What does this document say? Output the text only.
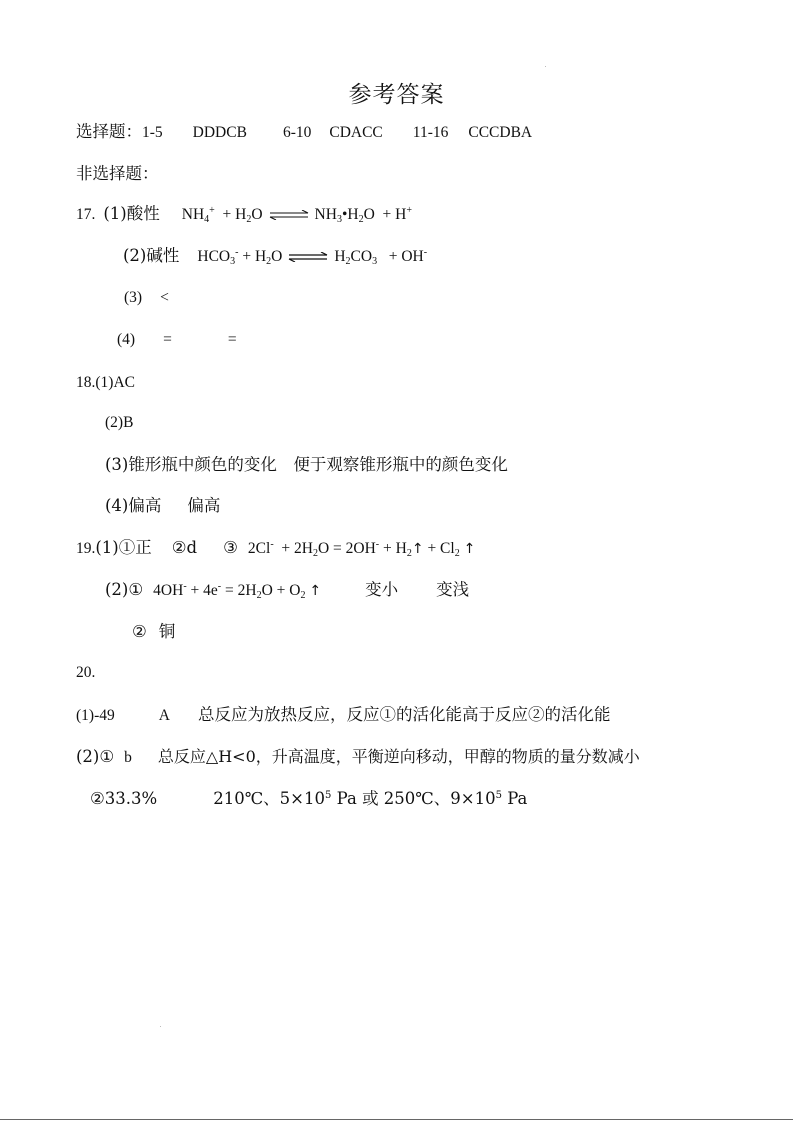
参考答案
选择题：1-5 DDDCB 6-10 CDACC 11-16 CCCDBA
非选择题：
17. (1)酸性 $NH_4^+ + H_2O$ ⇌ $NH_3•H_2O + H^+$
(2)碱性 $HCO_3^- + H_2O$ ⇌ $H_2CO_3 + OH^-$
(3) <
(4) =	=
18.(1)AC
(2)B
(3)锥形瓶中颜色的变化　便于观察锥形瓶中的颜色变化
(4)偏高 偏高
19.(1)①正 ②d ③ $2Cl^- + 2H_2O = 2OH^-$ + $H_2↑ + Cl_2$ ↑
(2)① $4OH^- + 4e^- = 2H_2O + O_2$ ↑	变小 变浅
② 铜
20.
(1)-49	A 总反应为放热反应，反应①的活化能高于反应②的活化能
(2)① b 总反应△H<0，升高温度，平衡逆向移动，甲醇的物质的量分数减小
②33.3%	210℃、$5\times 10^5$ Pa 或 250℃、$9\times 10^5$ Pa
